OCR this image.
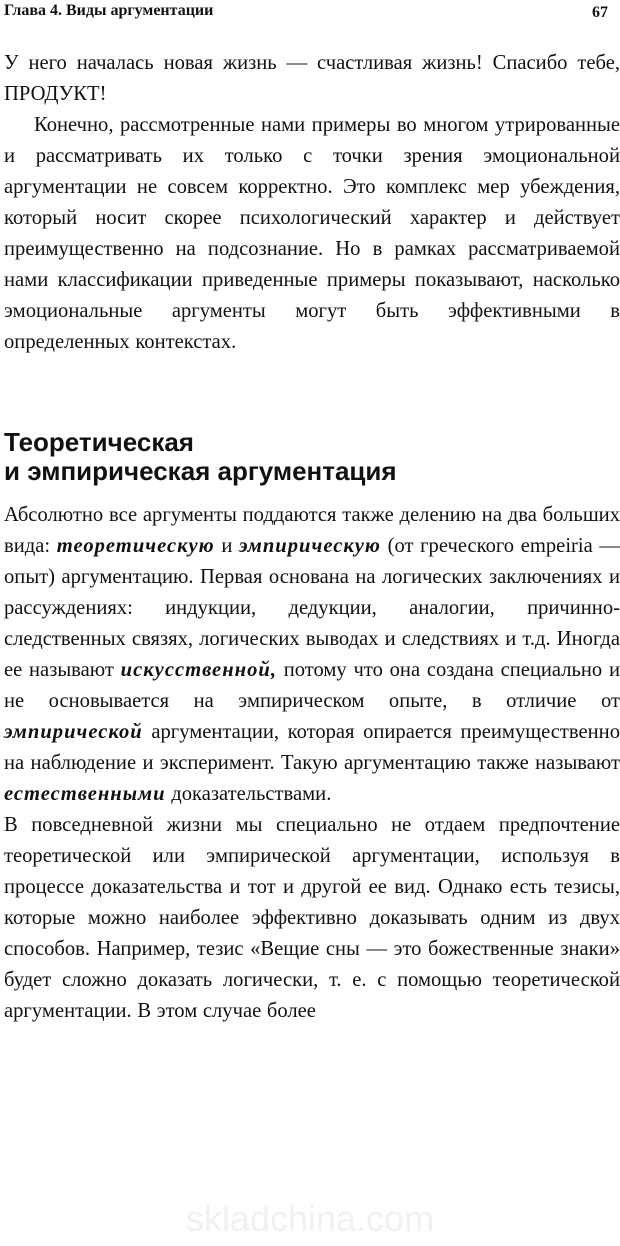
Глава 4. Виды аргументации	67

У него началась новая жизнь — счастливая жизнь! Спасибо тебе, ПРОДУКТ!

Конечно, рассмотренные нами примеры во многом утрированные и рассматривать их только с точки зрения эмоциональной аргументации не совсем корректно. Это комплекс мер убеждения, который носит скорее психологический характер и действует преимущественно на подсознание. Но в рамках рассматриваемой нами классификации приведенные примеры показывают, насколько эмоциональные аргументы могут быть эффективными в определенных контекстах.

Теоретическая
и эмпирическая аргументация

Абсолютно все аргументы поддаются также делению на два больших вида: теоретическую и эмпирическую (от греческого empeiria — опыт) аргументацию. Первая основана на логических заключениях и рассуждениях: индукции, дедукции, аналогии, причинно-следственных связях, логических выводах и следствиях и т.д. Иногда ее называют искусственной, потому что она создана специально и не основывается на эмпирическом опыте, в отличие от эмпирической аргументации, которая опирается преимущественно на наблюдение и эксперимент. Такую аргументацию также называют естественными доказательствами.

В повседневной жизни мы специально не отдаем предпочтение теоретической или эмпирической аргументации, используя в процессе доказательства и тот и другой ее вид. Однако есть тезисы, которые можно наиболее эффективно доказывать одним из двух способов. Например, тезис «Вещие сны — это божественные знаки» будет сложно доказать логически, т. е. с помощью теоретической аргументации. В этом случае более

skladchina.com
